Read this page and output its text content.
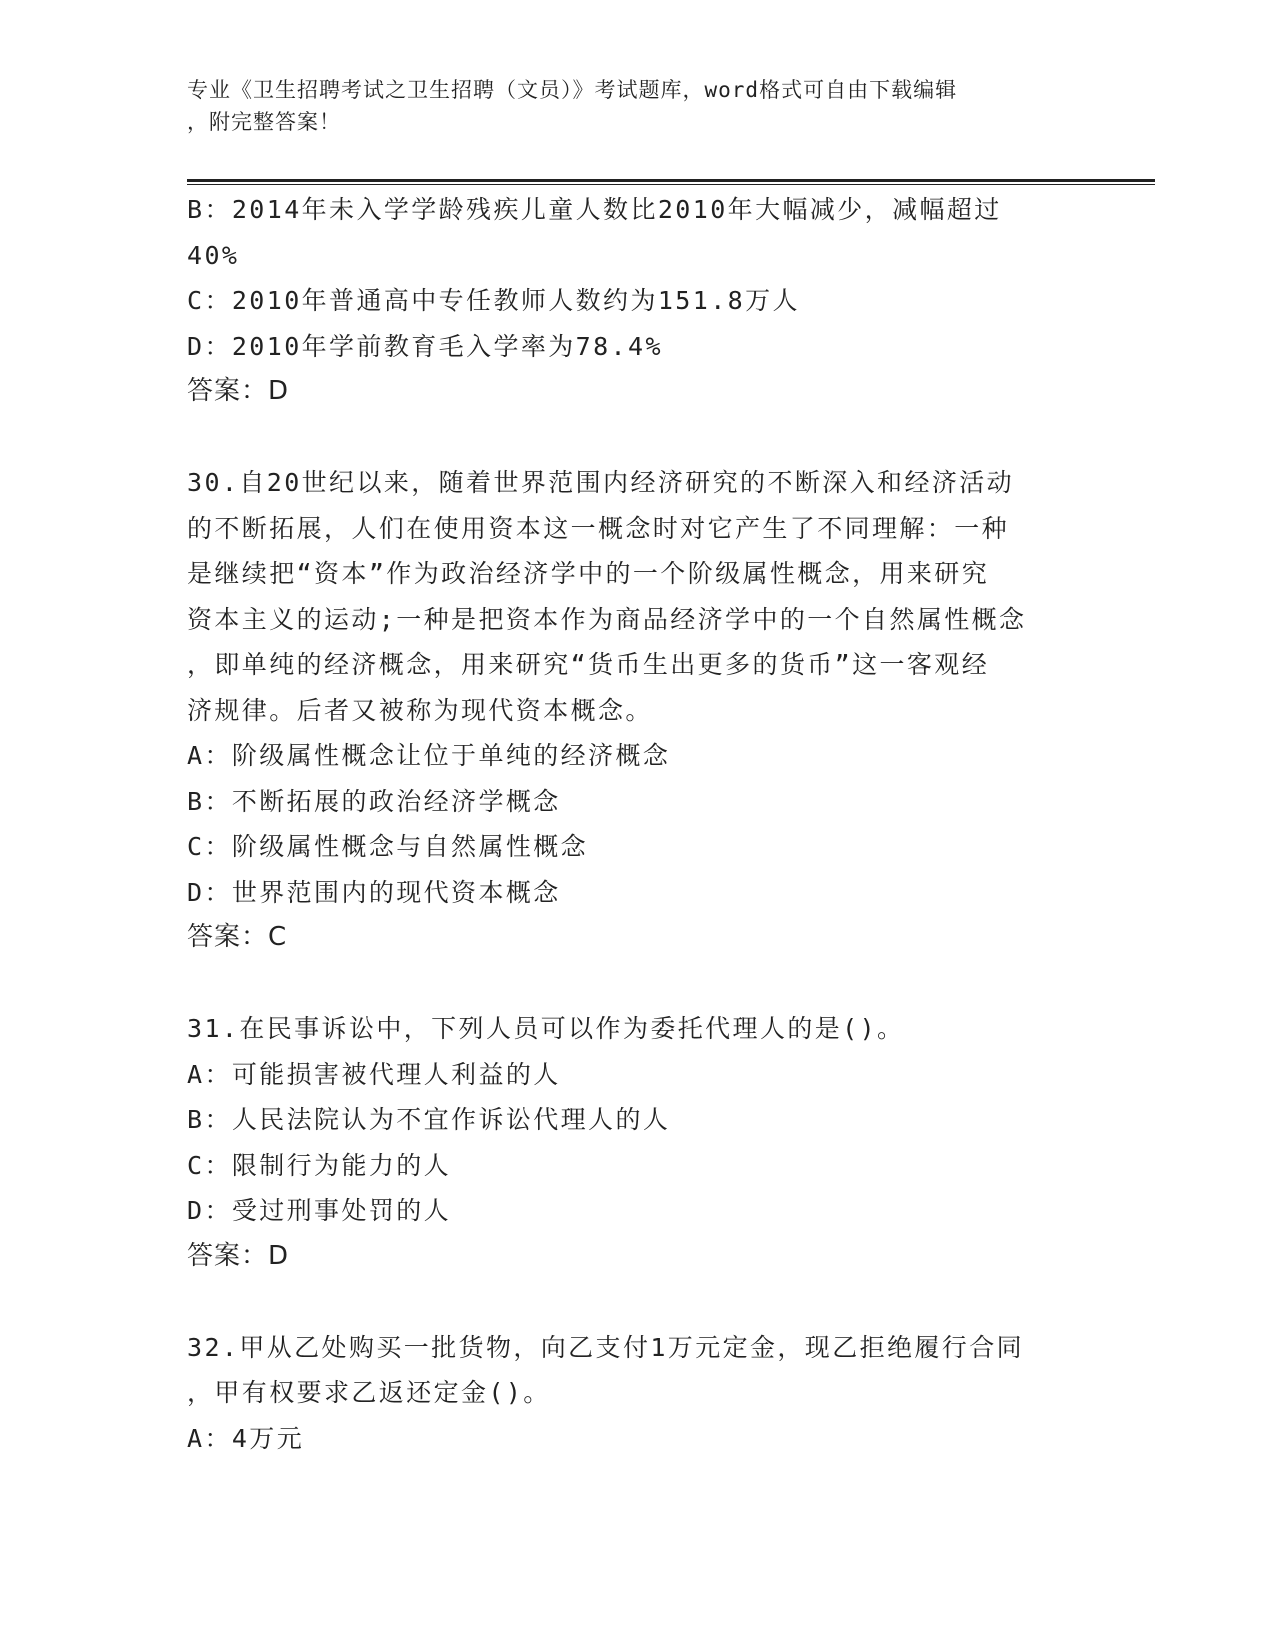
专业《卫生招聘考试之卫生招聘（文员）》考试题库，word格式可自由下载编辑
，附完整答案！
B：2014年未入学学龄残疾儿童人数比2010年大幅减少，减幅超过
40%
C：2010年普通高中专任教师人数约为151.8万人
D：2010年学前教育毛入学率为78.4%
答案：D
30.自20世纪以来，随着世界范围内经济研究的不断深入和经济活动
的不断拓展，人们在使用资本这一概念时对它产生了不同理解：一种
是继续把“资本”作为政治经济学中的一个阶级属性概念，用来研究
资本主义的运动;一种是把资本作为商品经济学中的一个自然属性概念
，即单纯的经济概念，用来研究“货币生出更多的货币”这一客观经
济规律。后者又被称为现代资本概念。
A：阶级属性概念让位于单纯的经济概念
B：不断拓展的政治经济学概念
C：阶级属性概念与自然属性概念
D：世界范围内的现代资本概念
答案：C
31.在民事诉讼中，下列人员可以作为委托代理人的是()。
A：可能损害被代理人利益的人
B：人民法院认为不宜作诉讼代理人的人
C：限制行为能力的人
D：受过刑事处罚的人
答案：D
32.甲从乙处购买一批货物，向乙支付1万元定金，现乙拒绝履行合同
，甲有权要求乙返还定金()。
A：4万元
